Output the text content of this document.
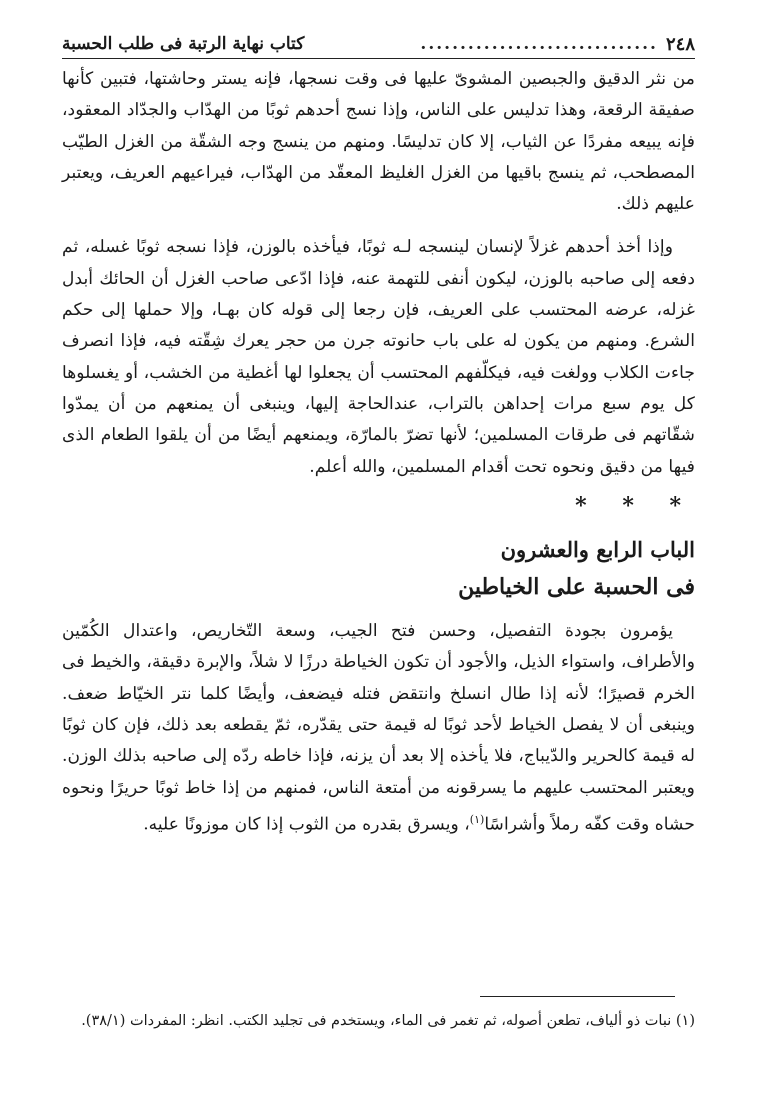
٢٤٨
..............................
كتاب نهاية الرتبة فى طلب الحسبة

من نثر الدقيق والجبصين المشوىّ عليها فى وقت نسجها، فإنه يستر وحاشتها، فتبين كأنها صفيقة الرقعة، وهذا تدليس على الناس، وإذا نسج أحدهم ثوبًا من الهدّاب والجدّاد المعقود، فإنه يبيعه مفردًا عن الثياب، إلا كان تدليسًا. ومنهم من ينسج وجه الشقّة من الغزل الطيّب المصطحب، ثم ينسج باقيها من الغزل الغليظ المعقّد من الهدّاب، فيراعيهم العريف، ويعتبر عليهم ذلك.

وإذا أخذ أحدهم غزلاً لإنسان لينسجه لـه ثوبًا، فيأخذه بالوزن، فإذا نسجه ثوبًا غسله، ثم دفعه إلى صاحبه بالوزن، ليكون أنفى للتهمة عنه، فإذا ادّعى صاحب الغزل أن الحائك أبدل غزله، عرضه المحتسب على العريف، فإن رجعا إلى قوله كان بهـا، وإلا حملها إلى حكم الشرع. ومنهم من يكون له على باب حانوته جرن من حجر يعرك شِقّته فيه، فإذا انصرف جاءت الكلاب وولغت فيه، فيكلّفهم المحتسب أن يجعلوا لها أغطية من الخشب، أو يغسلوها كل يوم سبع مرات إحداهن بالتراب، عندالحاجة إليها، وينبغى أن يمنعهم من أن يمدّوا شقّاتهم فى طرقات المسلمين؛ لأنها تضرّ بالمارّة، ويمنعهم أيضًا من أن يلقوا الطعام الذى فيها من دقيق ونحوه تحت أقدام المسلمين، والله أعلم.

* * *
الباب الرابع والعشرون
فى الحسبة على الخياطين

يؤمرون بجودة التفصيل، وحسن فتح الجيب، وسعة التّخاريص، واعتدال الكُمّين والأطراف، واستواء الذيل، والأجود أن تكون الخياطة درزًا لا شلاً، والإبرة دقيقة، والخيط فى الخرم قصيرًا؛ لأنه إذا طال انسلخ وانتقض فتله فيضعف، وأيضًا كلما نتر الخيّاط ضعف. وينبغى أن لا يفصل الخياط لأحد ثوبًا له قيمة حتى يقدّره، ثمّ يقطعه بعد ذلك، فإن كان ثوبًا له قيمة كالحرير والدّيباج، فلا يأخذه إلا بعد أن يزنه، فإذا خاطه ردّه إلى صاحبه بذلك الوزن. ويعتبر المحتسب عليهم ما يسرقونه من أمتعة الناس، فمنهم من إذا خاط ثوبًا حريرًا ونحوه حشاه وقت كفّه رملاً وأشراسًا$^{(١)}$، ويسرق بقدره من الثوب إذا كان موزونًا عليه.

(١) نبات ذو ألياف، تطعن أصوله، ثم تغمر فى الماء، ويستخدم فى تجليد الكتب. انظر: المفردات (٣٨/١).
